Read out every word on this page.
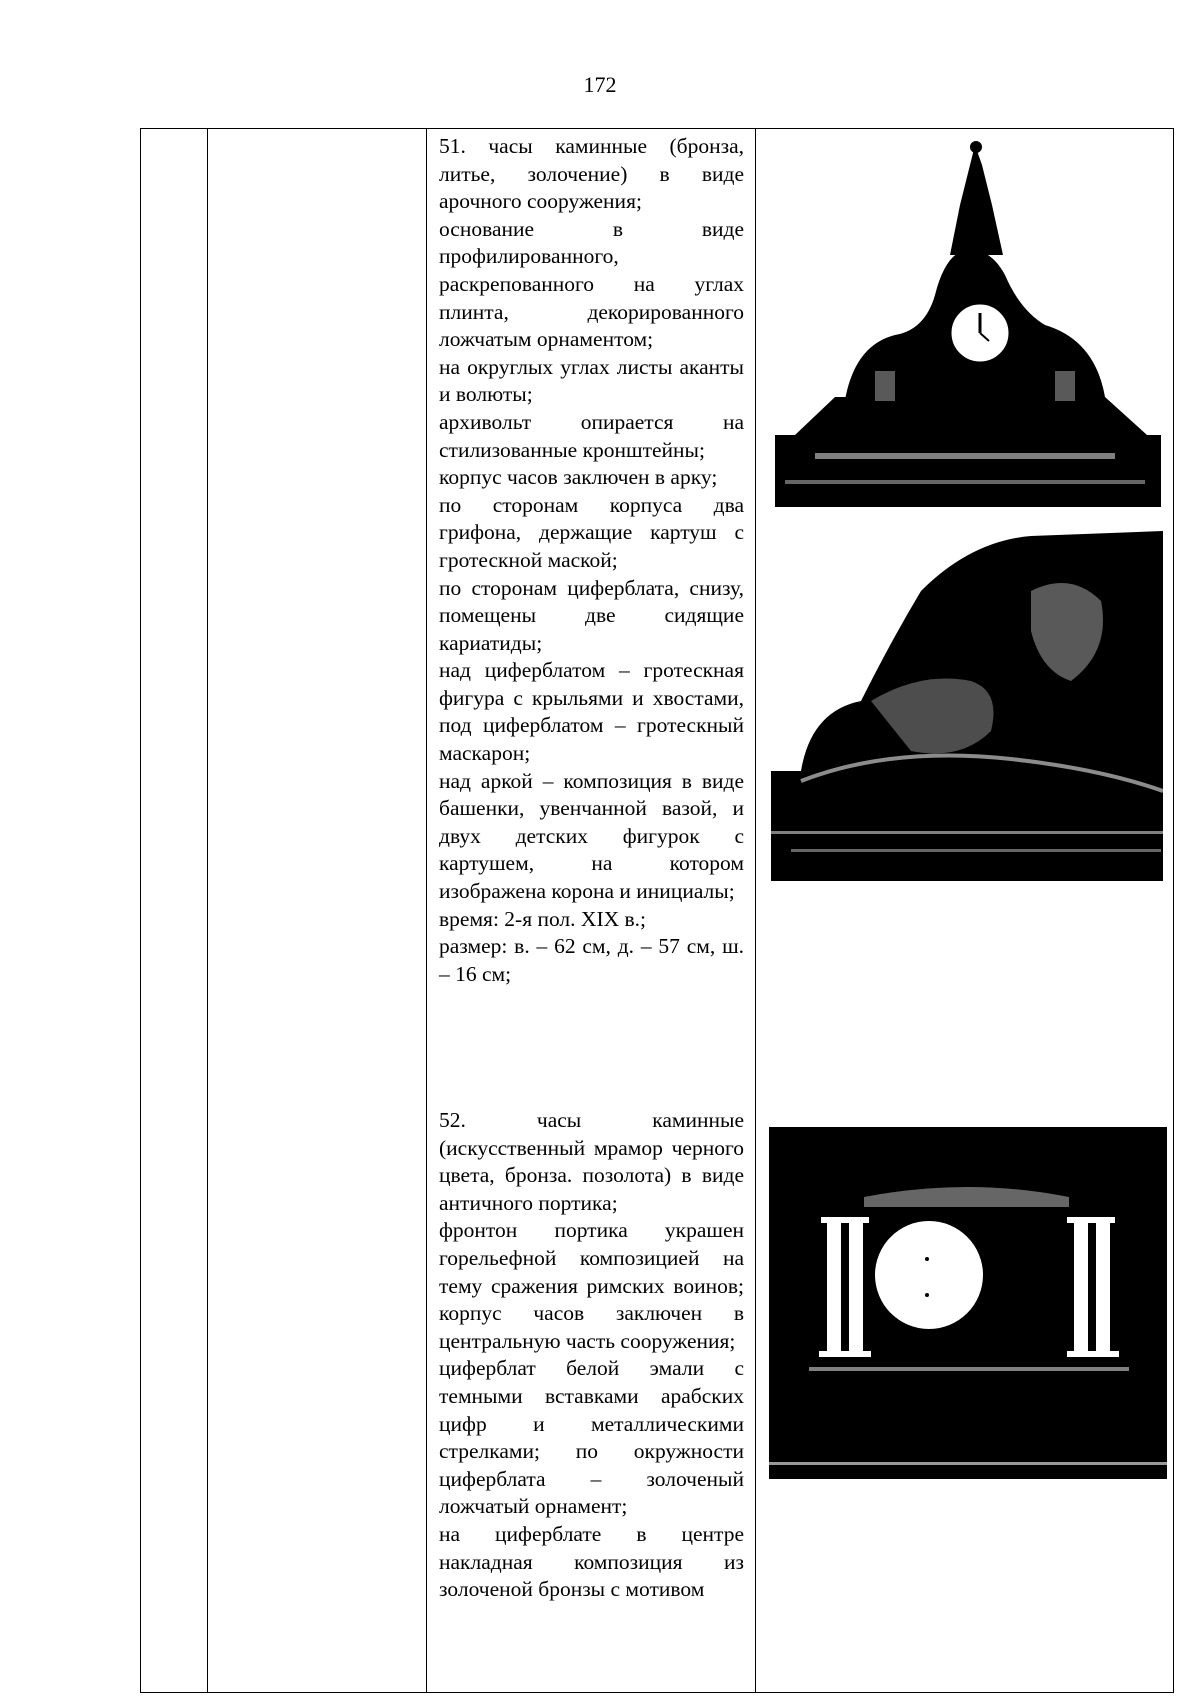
172

51. часы каминные (бронза, литье, золочение) в виде арочного сооружения;

основание в виде профилированного, раскрепованного на углах плинта, декорированного ложчатым орнаментом;

на округлых углах листы аканты и волюты;

архивольт опирается на стилизованные кронштейны;

корпус часов заключен в арку;

по сторонам корпуса два грифона, держащие картуш с гротескной маской;

по сторонам циферблата, снизу, помещены две сидящие кариатиды;

над циферблатом – гротескная фигура с крыльями и хвостами, под циферблатом – гротескный маскарон;

над аркой – композиция в виде башенки, увенчанной вазой, и двух детских фигурок с картушем, на котором изображена корона и инициалы;

время: 2-я пол. XIX в.;

размер: в. – 62 см, д. – 57 см, ш. – 16 см;

52. часы каминные (искусственный мрамор черного цвета, бронза. позолота) в виде античного портика;

фронтон портика украшен горельефной композицией на тему сражения римских воинов; корпус часов заключен в центральную часть сооружения;

циферблат белой эмали с темными вставками арабских цифр и металлическими стрелками; по окружности циферблата – золоченый ложчатый орнамент;

на циферблате в центре накладная композиция из золоченой бронзы с мотивом
